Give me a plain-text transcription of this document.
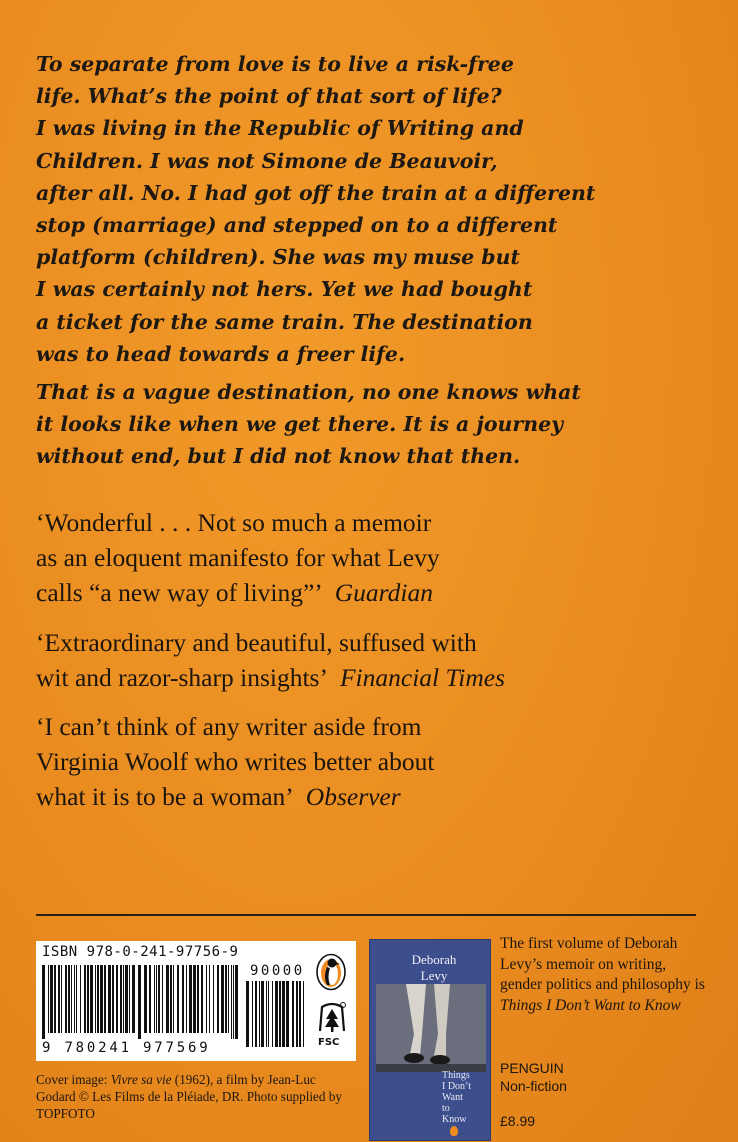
To separate from love is to live a risk-free
life. What’s the point of that sort of life?
I was living in the Republic of Writing and
Children. I was not Simone de Beauvoir,
after all. No. I had got off the train at a different
stop (marriage) and stepped on to a different
platform (children). She was my muse but
I was certainly not hers. Yet we had bought
a ticket for the same train. The destination
was to head towards a freer life.
That is a vague destination, no one knows what
it looks like when we get there. It is a journey
without end, but I did not know that then.
‘Wonderful . . . Not so much a memoir
as an eloquent manifesto for what Levy
calls “a new way of living”’ Guardian
‘Extraordinary and beautiful, suffused with
wit and razor-sharp insights’ Financial Times
‘I can’t think of any writer aside from
Virginia Woolf who writes better about
what it is to be a woman’ Observer
ISBN 978-0-241-97756-9
9 780241 977569
90000
FSC
Deborah
Levy
Things
I Don’t
Want
to
Know
The first volume of Deborah Levy’s memoir on writing, gender politics and philosophy is Things I Don’t Want to Know
PENGUIN
Non-fiction
£8.99
Cover image: Vivre sa vie (1962), a film by Jean-Luc Godard © Les Films de la Pléiade, DR. Photo supplied by TOPFOTO
